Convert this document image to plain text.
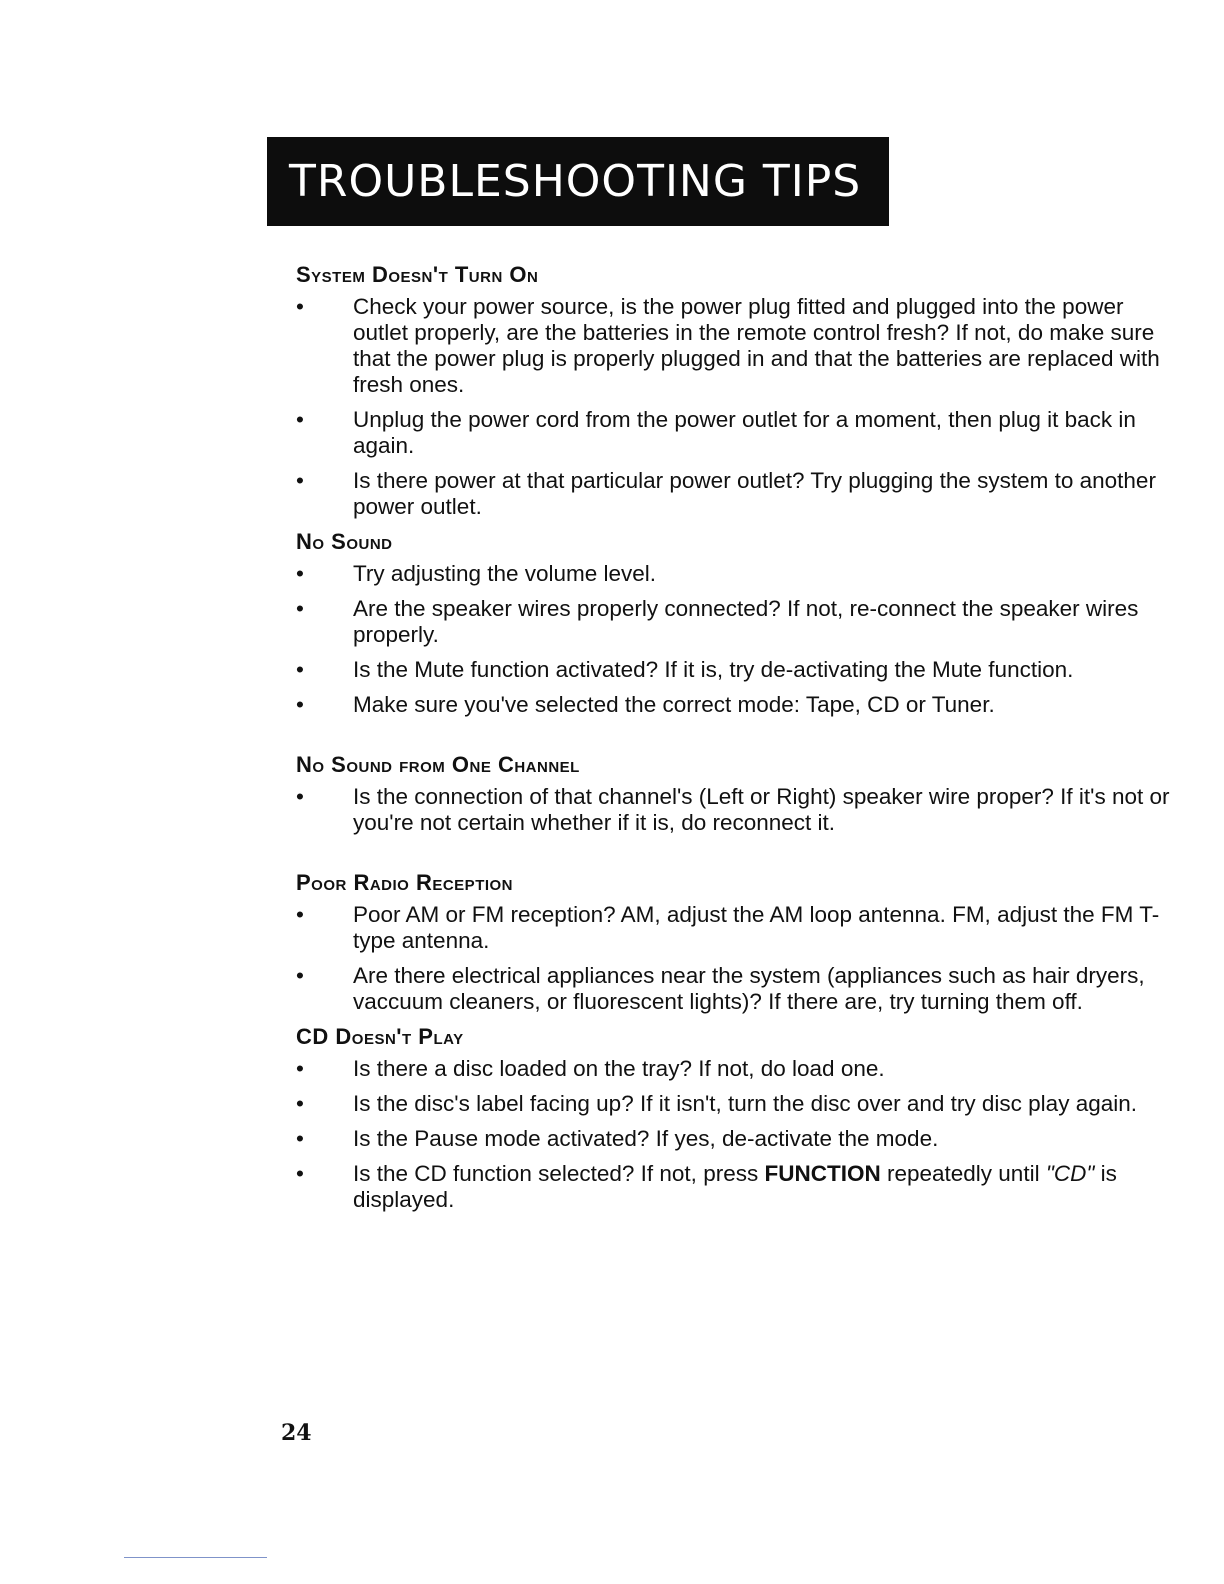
TROUBLESHOOTING TIPS
System Doesn't Turn On
• Check your power source, is the power plug fitted and plugged into the power outlet properly, are the batteries in the remote control fresh? If not, do make sure that the power plug is properly plugged in and that the batteries are replaced with fresh ones.
• Unplug the power cord from the power outlet for a moment, then plug it back in again.
• Is there power at that particular power outlet? Try plugging the system to another power outlet.
No Sound
• Try adjusting the volume level.
• Are the speaker wires properly connected? If not, re-connect the speaker wires properly.
• Is the Mute function activated? If it is, try de-activating the Mute function.
• Make sure you've selected the correct mode: Tape, CD or Tuner.
No Sound from One Channel
• Is the connection of that channel's (Left or Right) speaker wire proper? If it's not or you're not certain whether if it is, do reconnect it.
Poor Radio Reception
• Poor AM or FM reception? AM, adjust the AM loop antenna. FM, adjust the FM T-type antenna.
• Are there electrical appliances near the system (appliances such as hair dryers, vaccuum cleaners, or fluorescent lights)? If there are, try turning them off.
CD Doesn't Play
• Is there a disc loaded on the tray? If not, do load one.
• Is the disc's label facing up? If it isn't, turn the disc over and try disc play again.
• Is the Pause mode activated? If yes, de-activate the mode.
• Is the CD function selected? If not, press FUNCTION repeatedly until "CD" is displayed.
24
